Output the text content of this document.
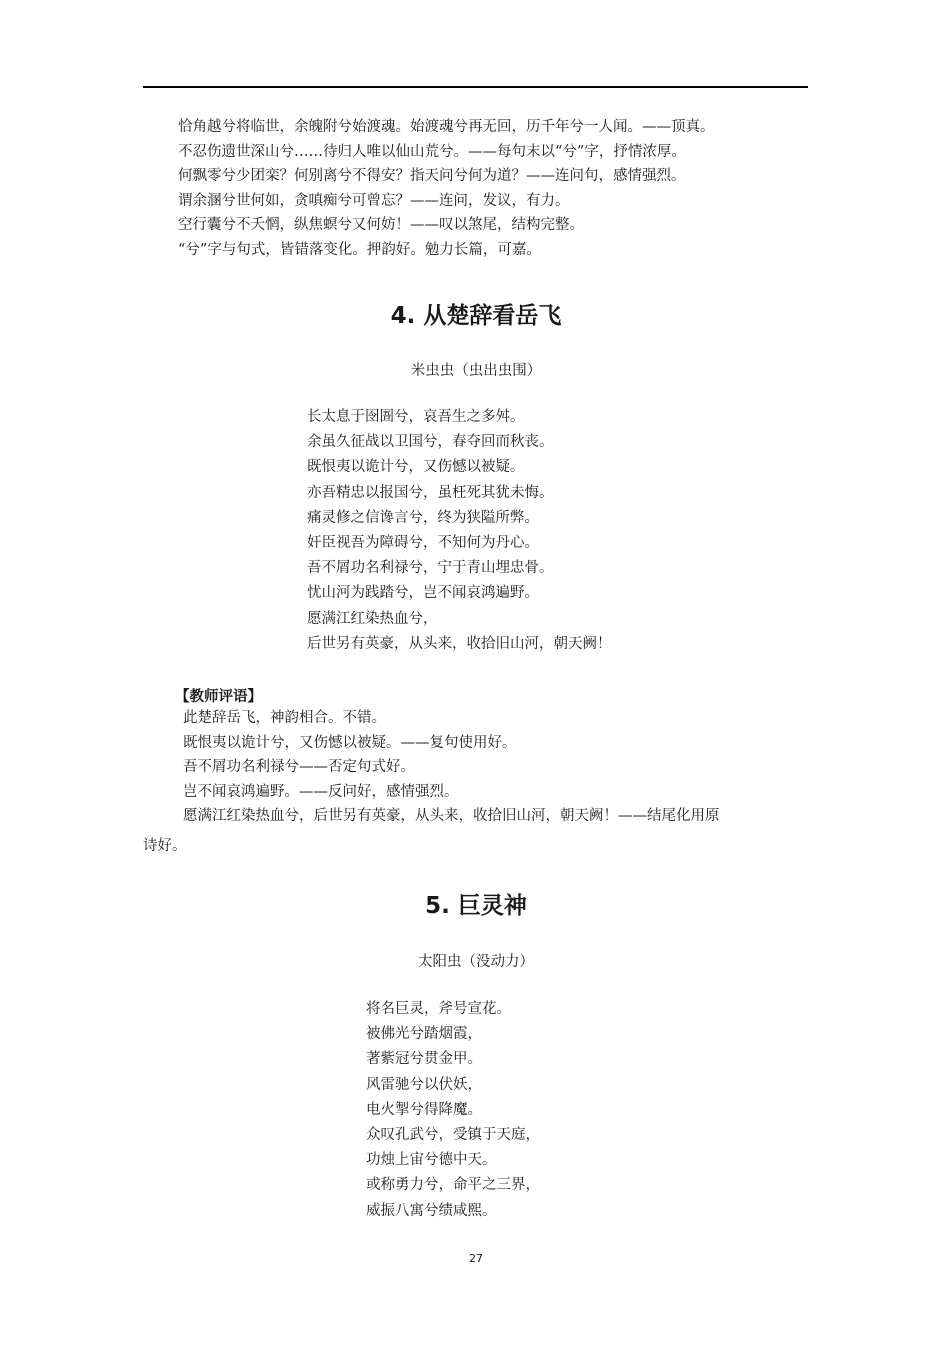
恰角越兮将临世，余魄附兮始渡魂。始渡魂兮再无回，历千年兮一人闻。——顶真。
不忍伤遗世深山兮……待归人唯以仙山荒兮。——每句末以“兮”字，抒情浓厚。
何飘零兮少团栾？何别离兮不得安？指天问兮何为道？——连问句，感情强烈。
谓余溷兮世何如，贪嗔痴兮可曾忘？——连问，发议，有力。
空行囊兮不夭惘，纵焦螟兮又何妨！——叹以煞尾，结构完整。
“兮”字与句式，皆错落变化。押韵好。勉力长篇，可嘉。
4. 从楚辞看岳飞
米虫虫（虫出虫围）
长太息于囹圄兮，哀吾生之多舛。
余虽久征战以卫国兮，春夺回而秋丧。
既恨夷以诡计兮，又伤憾以被疑。
亦吾精忠以报国兮，虽枉死其犹未悔。
痛灵修之信谗言兮，终为狭隘所弊。
奸臣视吾为障碍兮，不知何为丹心。
吾不屑功名利禄兮，宁于青山埋忠骨。
忧山河为践踏兮，岂不闻哀鸿遍野。
愿满江红染热血兮，
后世另有英豪，从头来，收拾旧山河，朝天阙！
【教师评语】
此楚辞岳飞，神韵相合。不错。
既恨夷以诡计兮，又伤憾以被疑。——复句使用好。
吾不屑功名利禄兮——否定句式好。
岂不闻哀鸿遍野。——反问好，感情强烈。
愿满江红染热血兮，后世另有英豪，从头来，收拾旧山河，朝天阙！——结尾化用原
诗好。
5. 巨灵神
太阳虫（没动力）
将名巨灵，斧号宣花。
被佛光兮踏烟霞，
著紫冠兮贯金甲。
风雷驰兮以伏妖，
电火掣兮得降魔。
众叹孔武兮，受镇于天庭，
功烛上宙兮德中天。
或称勇力兮，命平之三界，
威振八寓兮绩咸熙。
27
